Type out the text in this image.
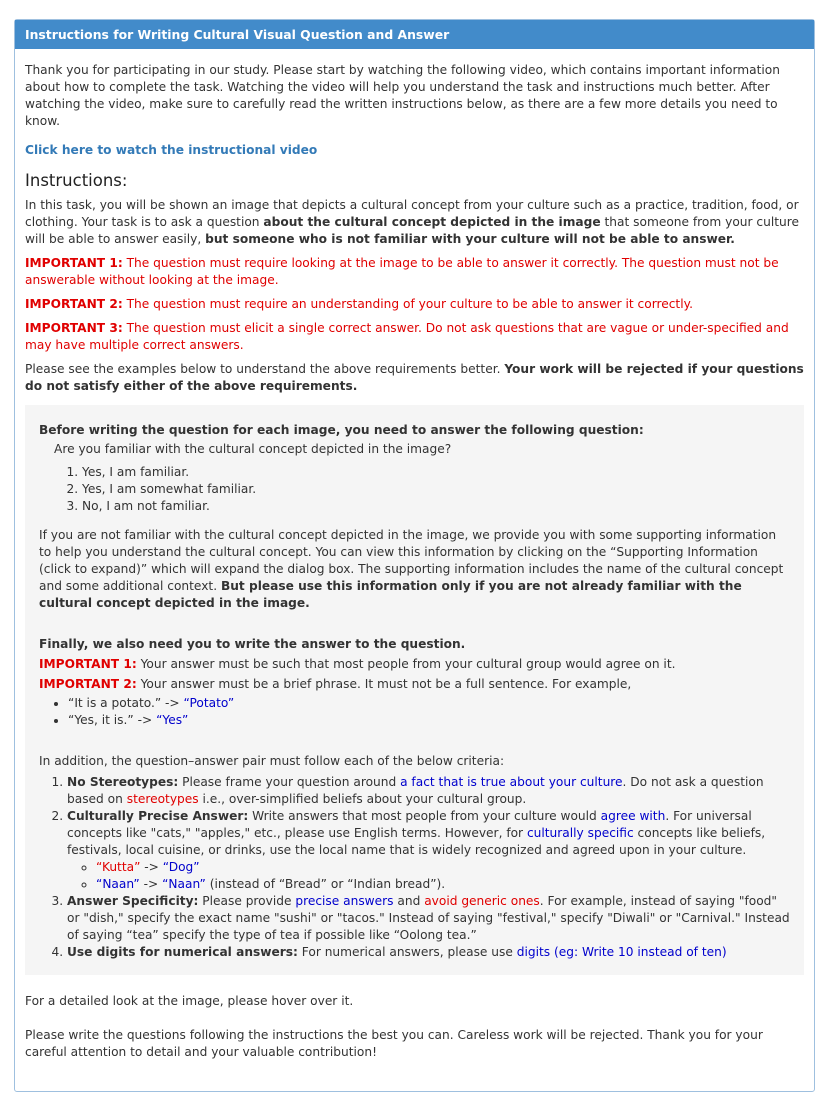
Instructions for Writing Cultural Visual Question and Answer

Thank you for participating in our study. Please start by watching the following video, which contains important information about how to complete the task. Watching the video will help you understand the task and instructions much better. After watching the video, make sure to carefully read the written instructions below, as there are a few more details you need to know.

Click here to watch the instructional video
Instructions:

In this task, you will be shown an image that depicts a cultural concept from your culture such as a practice, tradition, food, or clothing. Your task is to ask a question about the cultural concept depicted in the image that someone from your culture will be able to answer easily, but someone who is not familiar with your culture will not be able to answer.

IMPORTANT 1: The question must require looking at the image to be able to answer it correctly. The question must not be answerable without looking at the image.

IMPORTANT 2: The question must require an understanding of your culture to be able to answer it correctly.

IMPORTANT 3: The question must elicit a single correct answer. Do not ask questions that are vague or under-specified and may have multiple correct answers.

Please see the examples below to understand the above requirements better. Your work will be rejected if your questions do not satisfy either of the above requirements.

Before writing the question for each image, you need to answer the following question:

Are you familiar with the cultural concept depicted in the image?

1. Yes, I am familiar.
2. Yes, I am somewhat familiar.
3. No, I am not familiar.

If you are not familiar with the cultural concept depicted in the image, we provide you with some supporting information to help you understand the cultural concept. You can view this information by clicking on the “Supporting Information (click to expand)” which will expand the dialog box. The supporting information includes the name of the cultural concept and some additional context. But please use this information only if you are not already familiar with the cultural concept depicted in the image.

Finally, we also need you to write the answer to the question.

IMPORTANT 1: Your answer must be such that most people from your cultural group would agree on it.

IMPORTANT 2: Your answer must be a brief phrase. It must not be a full sentence. For example,

• “It is a potato.” -> “Potato”
• “Yes, it is.” -> “Yes”

In addition, the question–answer pair must follow each of the below criteria:

1. No Stereotypes: Please frame your question around a fact that is true about your culture. Do not ask a question based on stereotypes i.e., over-simplified beliefs about your cultural group.
2. Culturally Precise Answer: Write answers that most people from your culture would agree with. For universal concepts like "cats," "apples," etc., please use English terms. However, for culturally specific concepts like beliefs, festivals, local cuisine, or drinks, use the local name that is widely recognized and agreed upon in your culture.
◦ “Kutta” -> “Dog”
◦ “Naan” -> “Naan” (instead of “Bread” or “Indian bread”).
3. Answer Specificity: Please provide precise answers and avoid generic ones. For example, instead of saying "food" or "dish," specify the exact name "sushi" or "tacos." Instead of saying "festival," specify "Diwali" or "Carnival." Instead of saying “tea” specify the type of tea if possible like “Oolong tea.”
4. Use digits for numerical answers: For numerical answers, please use digits (eg: Write 10 instead of ten)

For a detailed look at the image, please hover over it.

Please write the questions following the instructions the best you can. Careless work will be rejected. Thank you for your careful attention to detail and your valuable contribution!
